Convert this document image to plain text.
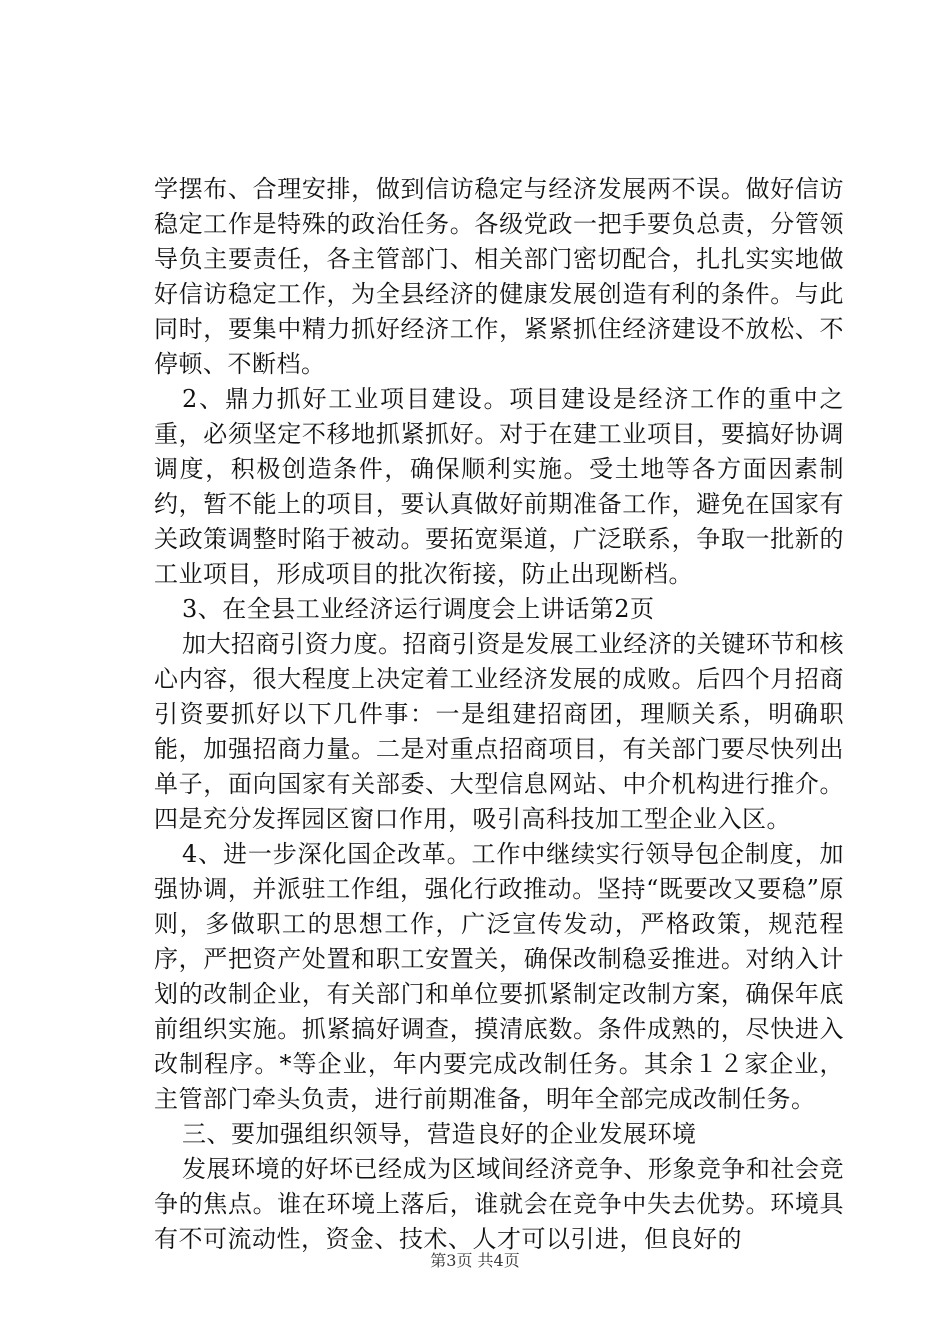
学摆布、合理安排，做到信访稳定与经济发展两不误。做好信访稳定工作是特殊的政治任务。各级党政一把手要负总责，分管领导负主要责任，各主管部门、相关部门密切配合，扎扎实实地做好信访稳定工作，为全县经济的健康发展创造有利的条件。与此同时，要集中精力抓好经济工作，紧紧抓住经济建设不放松、不停顿、不断档。

2、鼎力抓好工业项目建设。项目建设是经济工作的重中之重，必须坚定不移地抓紧抓好。对于在建工业项目，要搞好协调调度，积极创造条件，确保顺利实施。受土地等各方面因素制约，暂不能上的项目，要认真做好前期准备工作，避免在国家有关政策调整时陷于被动。要拓宽渠道，广泛联系，争取一批新的工业项目，形成项目的批次衔接，防止出现断档。

3、在全县工业经济运行调度会上讲话第2页

加大招商引资力度。招商引资是发展工业经济的关键环节和核心内容，很大程度上决定着工业经济发展的成败。后四个月招商引资要抓好以下几件事：一是组建招商团，理顺关系，明确职能，加强招商力量。二是对重点招商项目，有关部门要尽快列出单子，面向国家有关部委、大型信息网站、中介机构进行推介。四是充分发挥园区窗口作用，吸引高科技加工型企业入区。

4、进一步深化国企改革。工作中继续实行领导包企制度，加强协调，并派驻工作组，强化行政推动。坚持“既要改又要稳”原则，多做职工的思想工作，广泛宣传发动，严格政策，规范程序，严把资产处置和职工安置关，确保改制稳妥推进。对纳入计划的改制企业，有关部门和单位要抓紧制定改制方案，确保年底前组织实施。抓紧搞好调查，摸清底数。条件成熟的，尽快进入改制程序。*等企业，年内要完成改制任务。其余１２家企业，主管部门牵头负责，进行前期准备，明年全部完成改制任务。

三、要加强组织领导，营造良好的企业发展环境

发展环境的好坏已经成为区域间经济竞争、形象竞争和社会竞争的焦点。谁在环境上落后，谁就会在竞争中失去优势。环境具有不可流动性，资金、技术、人才可以引进，但良好的

第3页 共4页
